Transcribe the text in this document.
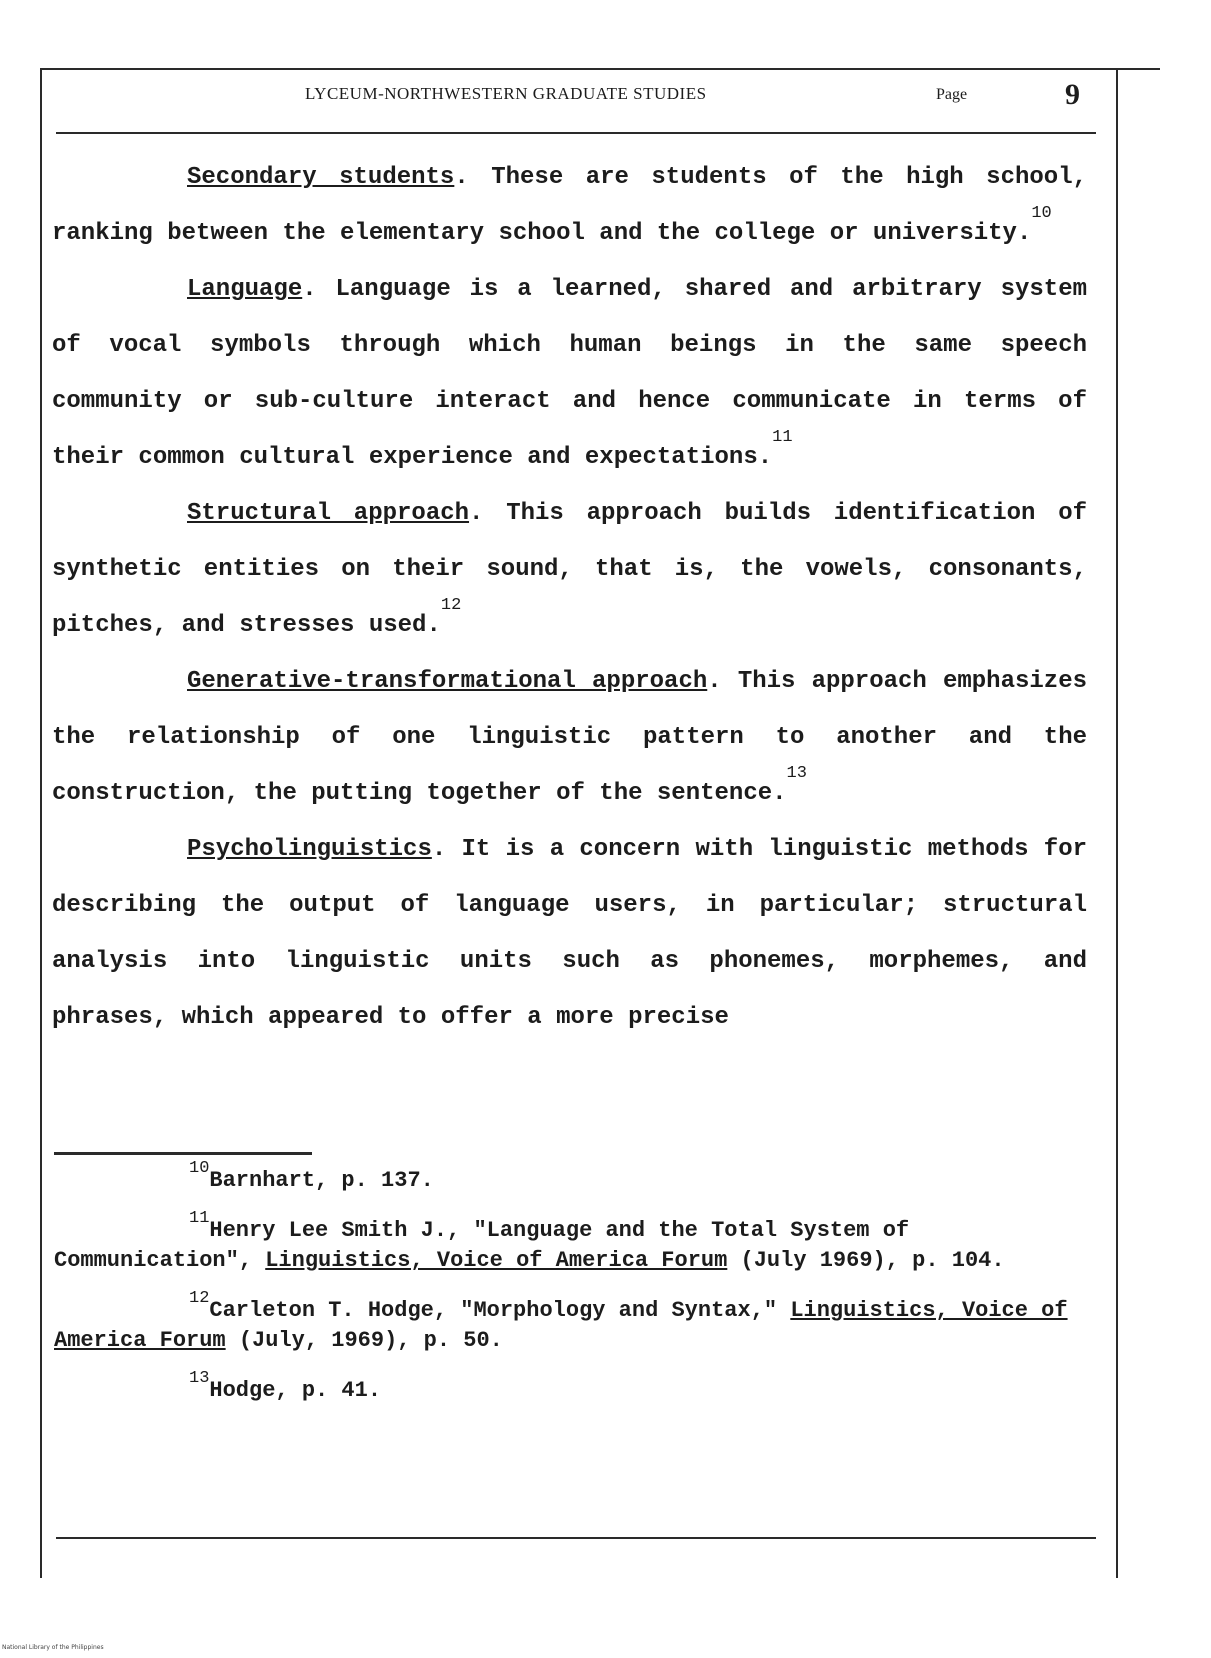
LYCEUM-NORTHWESTERN GRADUATE STUDIES	Page	9

Secondary students. These are students of the high school, ranking between the elementary school and the college or university.$^{10}$

Language. Language is a learned, shared and arbitrary system of vocal symbols through which human beings in the same speech community or sub-culture interact and hence communicate in terms of their common cultural experience and expectations.$^{11}$

Structural approach. This approach builds identification of synthetic entities on their sound, that is, the vowels, consonants, pitches, and stresses used.$^{12}$

Generative-transformational approach. This approach emphasizes the relationship of one linguistic pattern to another and the construction, the putting together of the sentence.$^{13}$

Psycholinguistics. It is a concern with linguistic methods for describing the output of language users, in particular; structural analysis into linguistic units such as phonemes, morphemes, and phrases, which appeared to offer a more precise

$^{10}$Barnhart, p. 137.

$^{11}$Henry Lee Smith J., "Language and the Total System of Communication", Linguistics, Voice of America Forum (July 1969), p. 104.

$^{12}$Carleton T. Hodge, "Morphology and Syntax," Linguistics, Voice of America Forum (July, 1969), p. 50.

$^{13}$Hodge, p. 41.

National Library of the Philippines
